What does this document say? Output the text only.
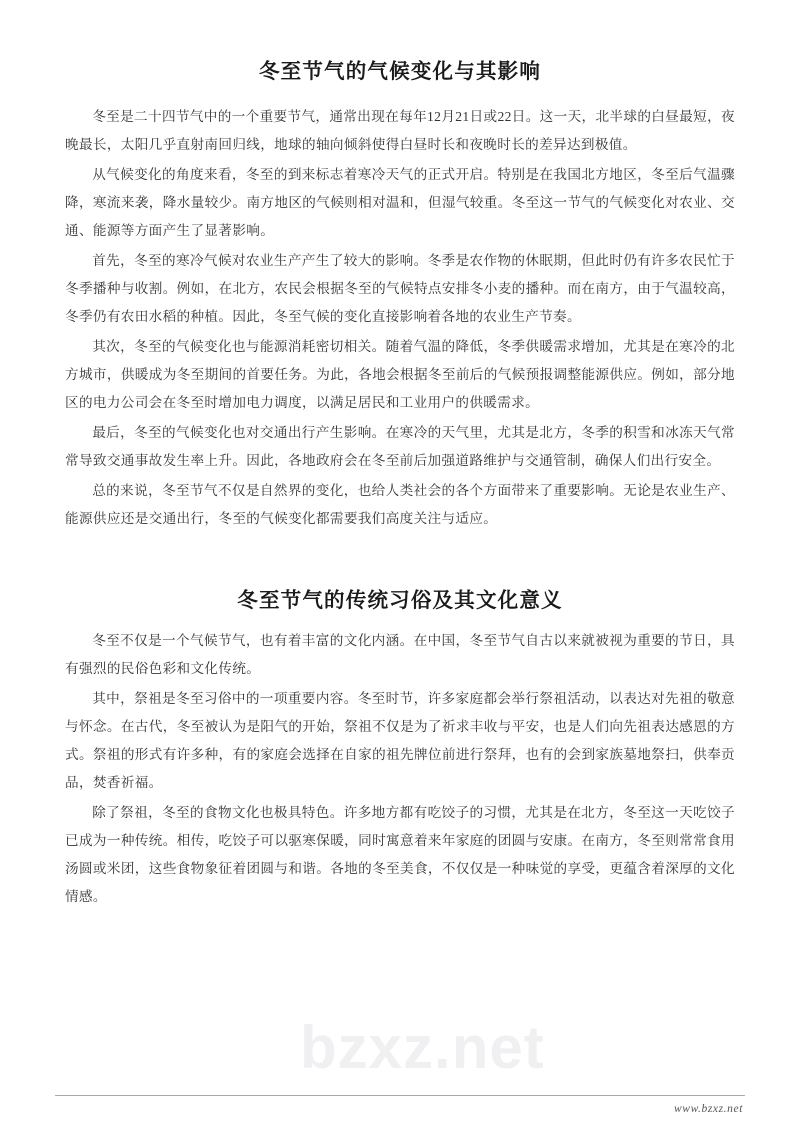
bzxz.net
冬至节气的气候变化与其影响

冬至是二十四节气中的一个重要节气，通常出现在每年12月21日或22日。这一天，北半球的白昼最短，夜晚最长，太阳几乎直射南回归线，地球的轴向倾斜使得白昼时长和夜晚时长的差异达到极值。

从气候变化的角度来看，冬至的到来标志着寒冷天气的正式开启。特别是在我国北方地区，冬至后气温骤降，寒流来袭，降水量较少。南方地区的气候则相对温和，但湿气较重。冬至这一节气的气候变化对农业、交通、能源等方面产生了显著影响。

首先，冬至的寒冷气候对农业生产产生了较大的影响。冬季是农作物的休眠期，但此时仍有许多农民忙于冬季播种与收割。例如，在北方，农民会根据冬至的气候特点安排冬小麦的播种。而在南方，由于气温较高，冬季仍有农田水稻的种植。因此，冬至气候的变化直接影响着各地的农业生产节奏。

其次，冬至的气候变化也与能源消耗密切相关。随着气温的降低，冬季供暖需求增加，尤其是在寒冷的北方城市，供暖成为冬至期间的首要任务。为此，各地会根据冬至前后的气候预报调整能源供应。例如，部分地区的电力公司会在冬至时增加电力调度，以满足居民和工业用户的供暖需求。

最后，冬至的气候变化也对交通出行产生影响。在寒冷的天气里，尤其是北方，冬季的积雪和冰冻天气常常导致交通事故发生率上升。因此，各地政府会在冬至前后加强道路维护与交通管制，确保人们出行安全。

总的来说，冬至节气不仅是自然界的变化，也给人类社会的各个方面带来了重要影响。无论是农业生产、能源供应还是交通出行，冬至的气候变化都需要我们高度关注与适应。

冬至节气的传统习俗及其文化意义

冬至不仅是一个气候节气，也有着丰富的文化内涵。在中国，冬至节气自古以来就被视为重要的节日，具有强烈的民俗色彩和文化传统。

其中，祭祖是冬至习俗中的一项重要内容。冬至时节，许多家庭都会举行祭祖活动，以表达对先祖的敬意与怀念。在古代，冬至被认为是阳气的开始，祭祖不仅是为了祈求丰收与平安，也是人们向先祖表达感恩的方式。祭祖的形式有许多种，有的家庭会选择在自家的祖先牌位前进行祭拜，也有的会到家族墓地祭扫，供奉贡品，焚香祈福。

除了祭祖，冬至的食物文化也极具特色。许多地方都有吃饺子的习惯，尤其是在北方，冬至这一天吃饺子已成为一种传统。相传，吃饺子可以驱寒保暖，同时寓意着来年家庭的团圆与安康。在南方，冬至则常常食用汤圆或米团，这些食物象征着团圆与和谐。各地的冬至美食，不仅仅是一种味觉的享受，更蕴含着深厚的文化情感。

www.bzxz.net
